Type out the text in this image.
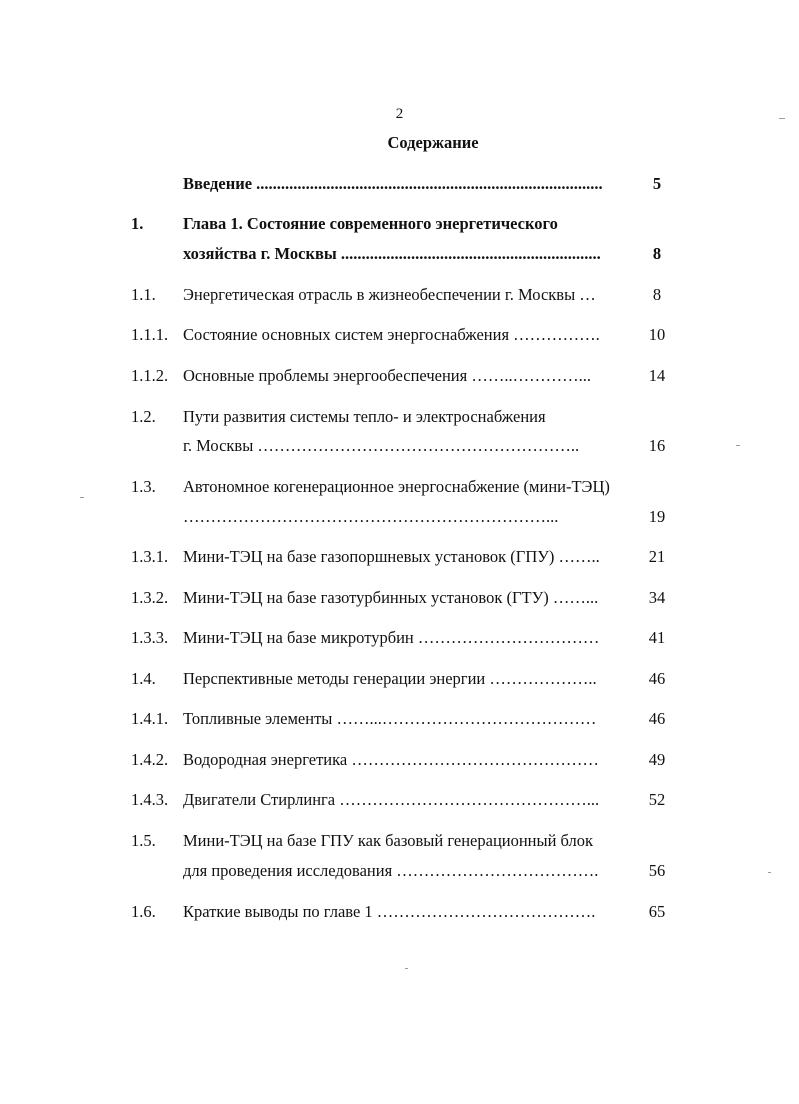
2
Содержание
Введение ....................................................................................	5
1. Глава 1. Состояние современного энергетического
хозяйства г. Москвы ...............................................................	8
1.1. Энергетическая отрасль в жизнеобеспечении г. Москвы …	8
1.1.1. Состояние основных систем энергоснабжения …………….	10
1.1.2. Основные проблемы энергообеспечения ……..…………...	14
1.2. Пути развития системы тепло- и электроснабжения
г. Москвы …………………………………………………..	16
1.3. Автономное когенерационное энергоснабжение (мини-ТЭЦ)
…………………………………………………………...	19
1.3.1. Мини-ТЭЦ на базе газопоршневых установок (ГПУ) ……..	21
1.3.2. Мини-ТЭЦ на базе газотурбинных установок (ГТУ) ……...	34
1.3.3. Мини-ТЭЦ на базе микротурбин ……………………………	41
1.4. Перспективные методы генерации энергии ………………..	46
1.4.1. Топливные элементы ……...…………………………………	46
1.4.2. Водородная энергетика ………………………………………	49
1.4.3. Двигатели Стирлинга ………………………………………...	52
1.5. Мини-ТЭЦ на базе ГПУ как базовый генерационный блок
для проведения исследования ……………………………….	56
1.6. Краткие выводы по главе 1 ………………………………….	65
